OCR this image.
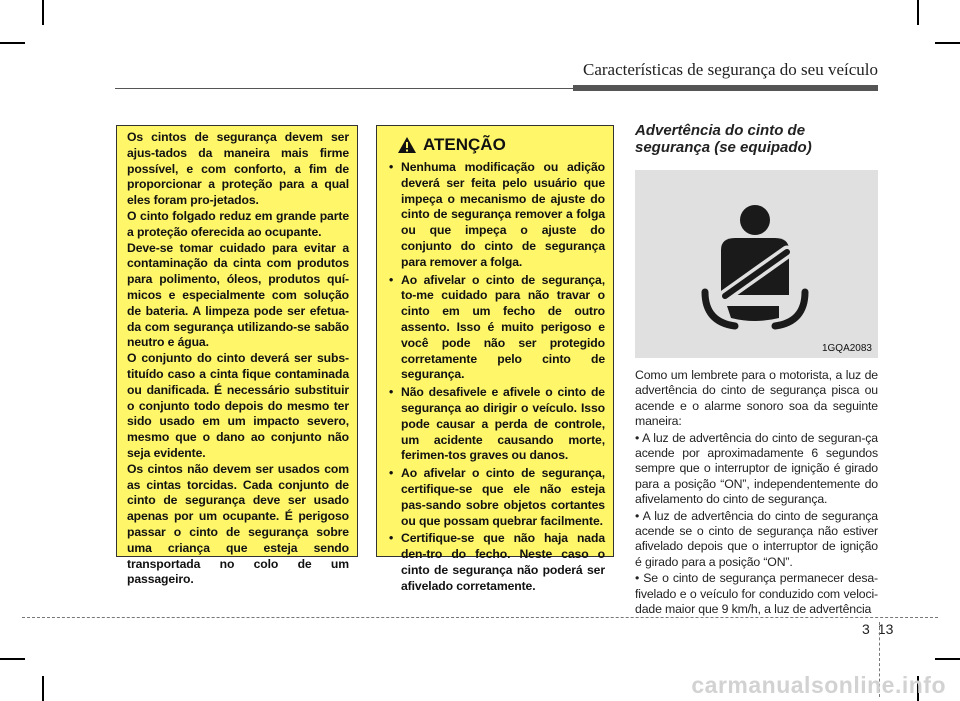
Características de segurança do seu veículo

Os cintos de segurança devem ser ajus-tados da maneira mais firme possível, e com conforto, a fim de proporcionar a proteção para a qual eles foram pro-jetados.

O cinto folgado reduz em grande parte a proteção oferecida ao ocupante.

Deve-se tomar cuidado para evitar a contaminação da cinta com produtos para polimento, óleos, produtos quí-micos e especialmente com solução de bateria. A limpeza pode ser efetua-da com segurança utilizando-se sabão neutro e água.

O conjunto do cinto deverá ser subs-tituído caso a cinta fique contaminada ou danificada. É necessário substituir o conjunto todo depois do mesmo ter sido usado em um impacto severo, mesmo que o dano ao conjunto não seja evidente.

Os cintos não devem ser usados com as cintas torcidas. Cada conjunto de cinto de segurança deve ser usado apenas por um ocupante. É perigoso passar o cinto de segurança sobre uma criança que esteja sendo transportada no colo de um passageiro.

ATENÇÃO
• Nenhuma modificação ou adição deverá ser feita pelo usuário que impeça o mecanismo de ajuste do cinto de segurança remover a folga ou que impeça o ajuste do conjunto do cinto de segurança para remover a folga.
• Ao afivelar o cinto de segurança, to-me cuidado para não travar o cinto em um fecho de outro assento. Isso é muito perigoso e você pode não ser protegido corretamente pelo cinto de segurança.
• Não desafivele e afivele o cinto de segurança ao dirigir o veículo. Isso pode causar a perda de controle, um acidente causando morte, ferimen-tos graves ou danos.
• Ao afivelar o cinto de segurança, certifique-se que ele não esteja pas-sando sobre objetos cortantes ou que possam quebrar facilmente.
• Certifique-se que não haja nada den-tro do fecho. Neste caso o cinto de segurança não poderá ser afivelado corretamente.

Advertência do cinto de
segurança (se equipado)

1GQA2083

Como um lembrete para o motorista, a luz de advertência do cinto de segurança pisca ou acende e o alarme sonoro soa da seguinte maneira:

• A luz de advertência do cinto de seguran-ça acende por aproximadamente 6 segundos sempre que o interruptor de ignição é girado para a posição “ON”, independentemente do afivelamento do cinto de segurança.

• A luz de advertência do cinto de segurança acende se o cinto de segurança não estiver afivelado depois que o interruptor de ignição é girado para a posição “ON”.

• Se o cinto de segurança permanecer desa-fivelado e o veículo for conduzido com veloci-dade maior que 9 km/h, a luz de advertência

3 13
carmanualsonline.info
